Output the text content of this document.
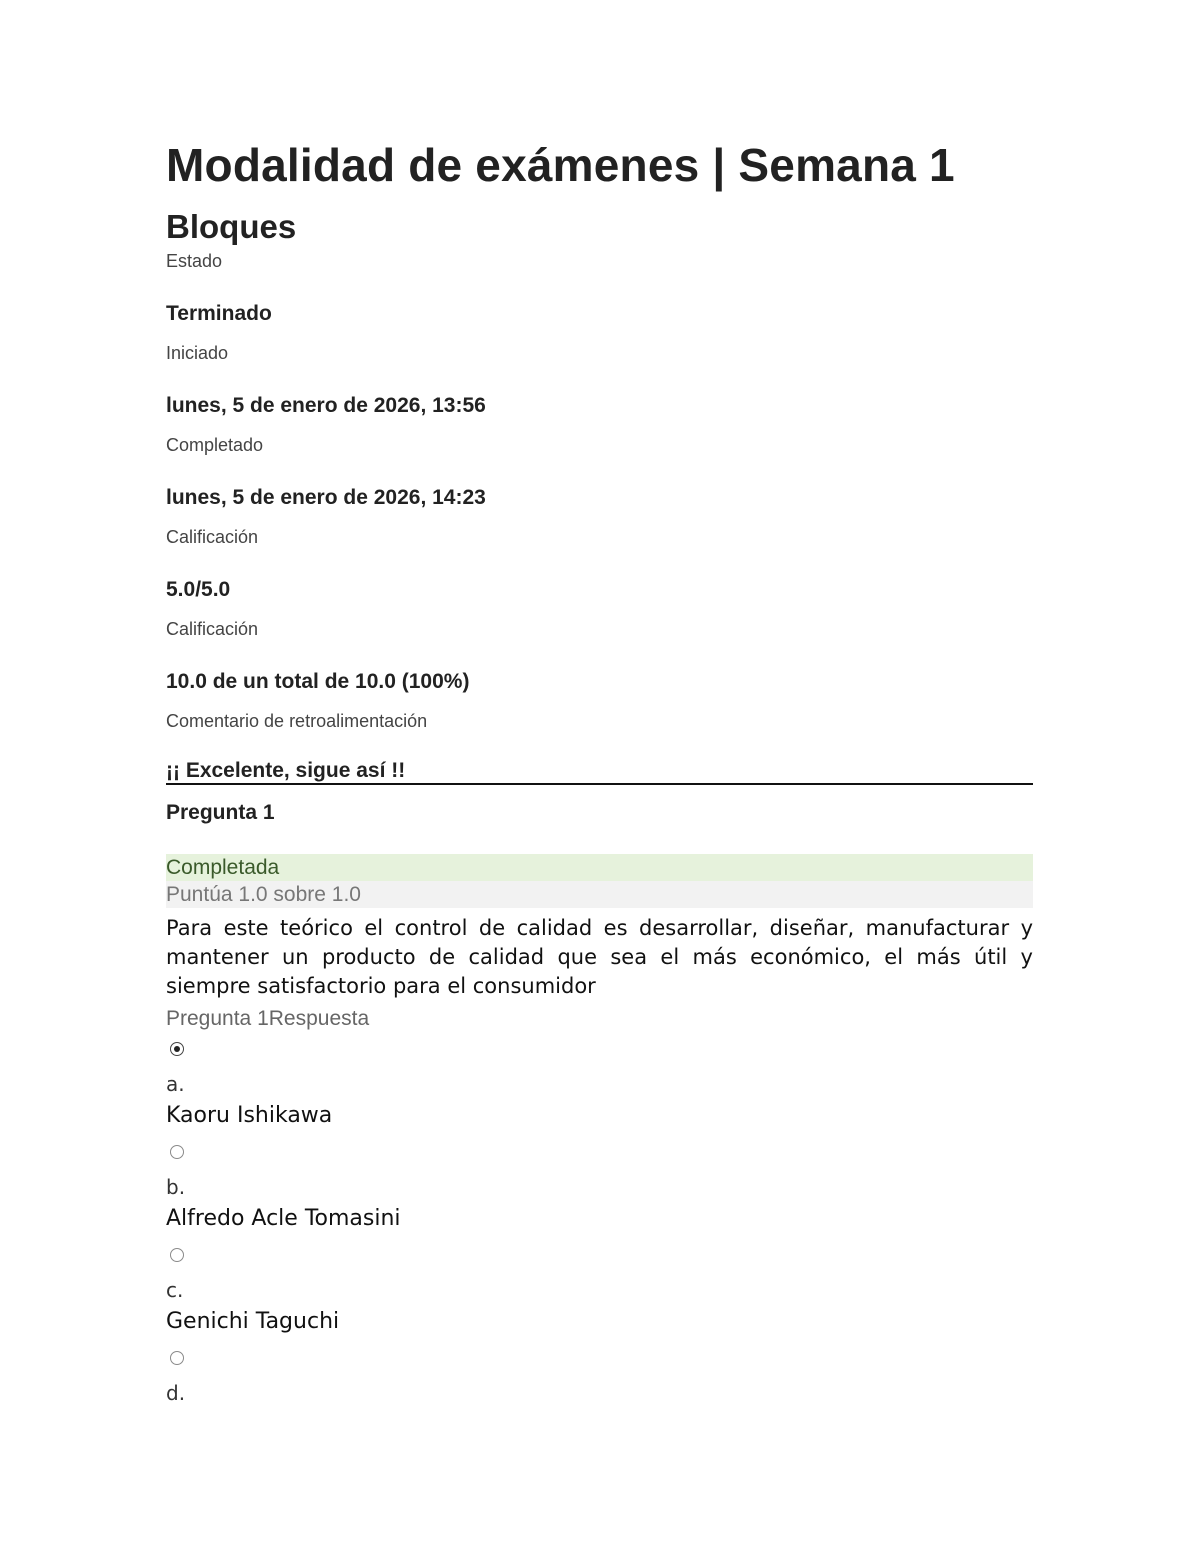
Modalidad de exámenes | Semana 1
Bloques
Estado
Terminado
Iniciado
lunes, 5 de enero de 2026, 13:56
Completado
lunes, 5 de enero de 2026, 14:23
Calificación
5.0/5.0
Calificación
10.0 de un total de 10.0 (100%)
Comentario de retroalimentación
¡¡ Excelente, sigue así !!
Pregunta 1
Completada
Puntúa 1.0 sobre 1.0
Para este teórico el control de calidad es desarrollar, diseñar, manufacturar y mantener un producto de calidad que sea el más económico, el más útil y siempre satisfactorio para el consumidor
Pregunta 1Respuesta
a.
Kaoru Ishikawa
b.
Alfredo Acle Tomasini
c.
Genichi Taguchi
d.
